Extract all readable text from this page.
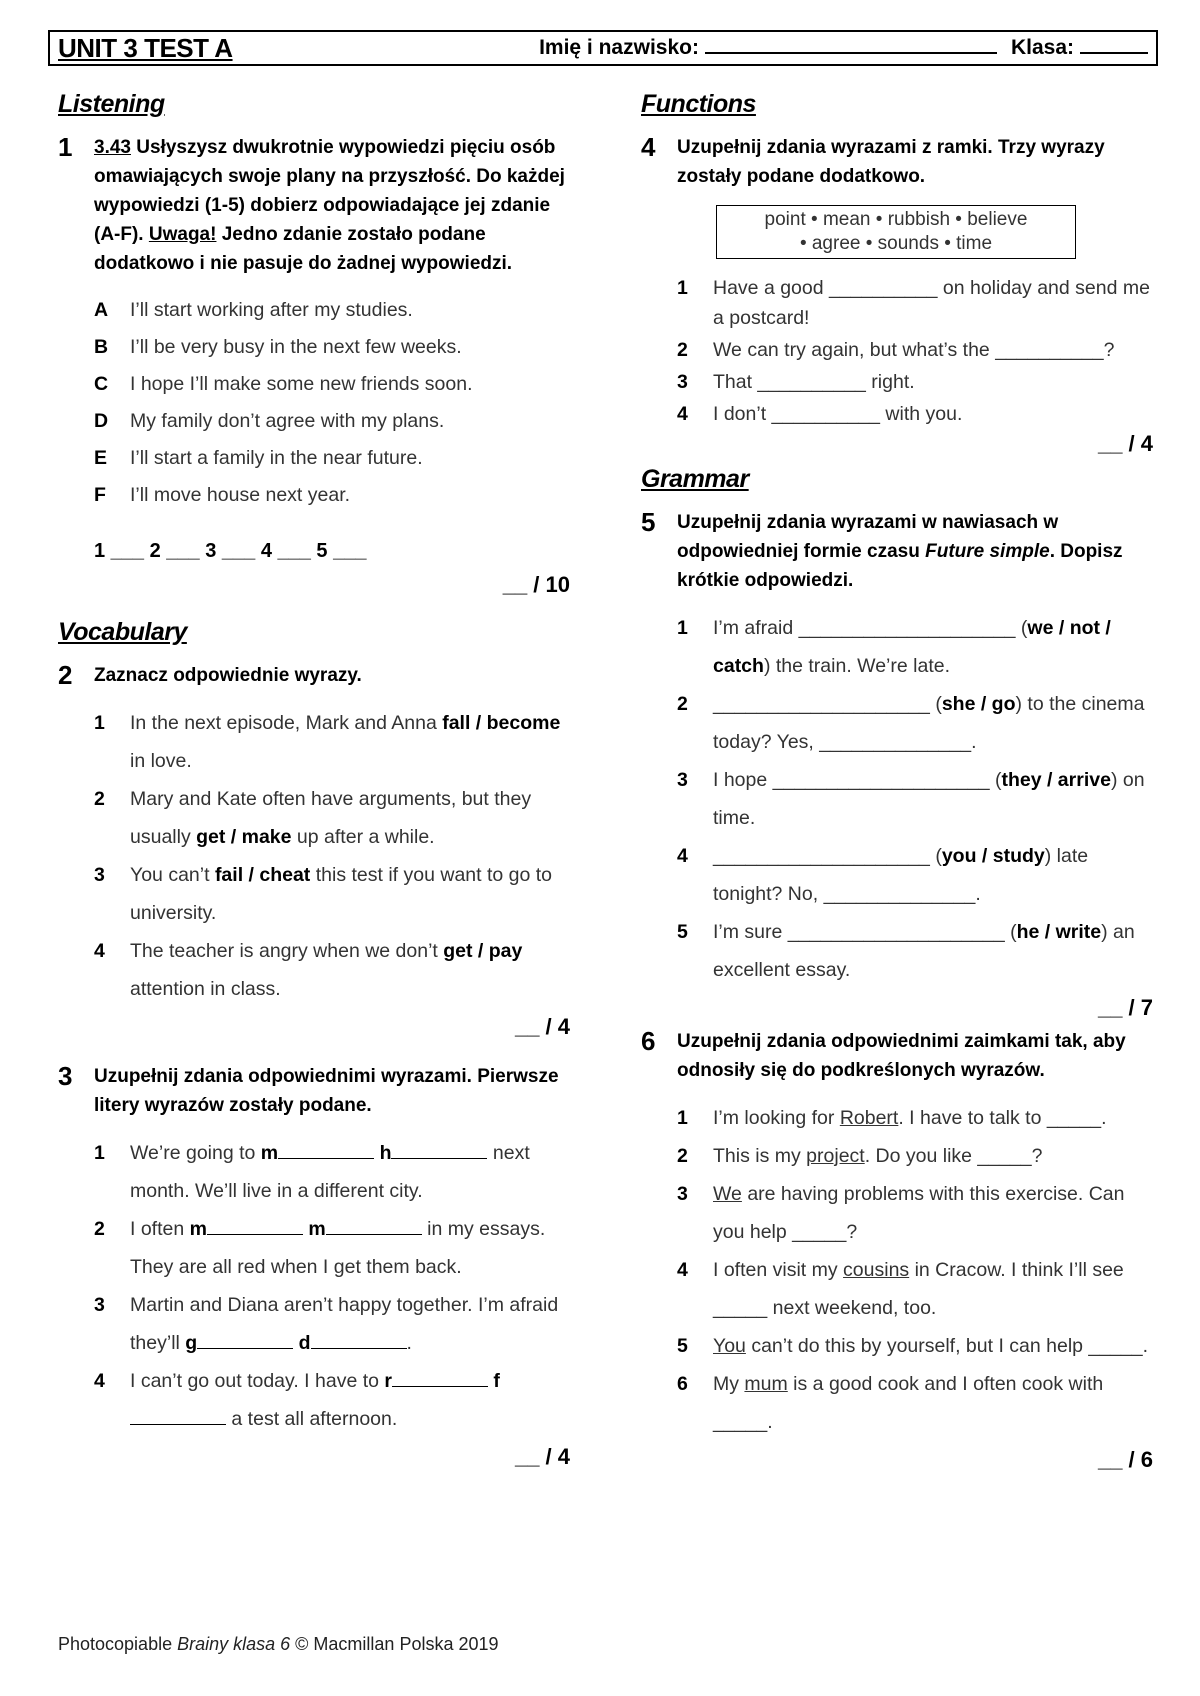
UNIT 3 TEST A	Imię i nazwisko:	Klasa:
Listening
1	3.43 Usłyszysz dwukrotnie wypowiedzi pięciu osób omawiających swoje plany na przyszłość. Do każdej wypowiedzi (1-5) dobierz odpowiadające jej zdanie (A-F). Uwaga! Jedno zdanie zostało podane dodatkowo i nie pasuje do żadnej wypowiedzi.
A	I’ll start working after my studies.
B	I’ll be very busy in the next few weeks.
C	I hope I’ll make some new friends soon.
D	My family don’t agree with my plans.
E	I’ll start a family in the near future.
F	I’ll move house next year.
1 ___ 2 ___ 3 ___ 4 ___ 5 ___
__ / 10
Vocabulary
2	Zaznacz odpowiednie wyrazy.
1	In the next episode, Mark and Anna fall / become in love.
2	Mary and Kate often have arguments, but they usually get / make up after a while.
3	You can’t fail / cheat this test if you want to go to university.
4	The teacher is angry when we don’t get / pay attention in class.
__ / 4
3	Uzupełnij zdania odpowiednimi wyrazami. Pierwsze litery wyrazów zostały podane.
1	We’re going to m	h	next month. We’ll live in a different city.
2	I often m	m	in my essays. They are all red when I get them back.
3	Martin and Diana aren’t happy together. I’m afraid they’ll g	d	.
4	I can’t go out today. I have to r	f a test all afternoon.
__ / 4
Functions
4	Uzupełnij zdania wyrazami z ramki. Trzy wyrazy zostały podane dodatkowo.
point • mean • rubbish • believe
• agree • sounds • time
1	Have a good __________ on holiday and send me a postcard!
2	We can try again, but what’s the __________?
3	That __________ right.
4	I don’t __________ with you.
__ / 4
Grammar
5	Uzupełnij zdania wyrazami w nawiasach w odpowiedniej formie czasu Future simple. Dopisz krótkie odpowiedzi.
1	I’m afraid ____________________ (we / not / catch) the train. We’re late.
2	____________________ (she / go) to the cinema today? Yes, ______________.
3	I hope ____________________ (they / arrive) on time.
4	____________________ (you / study) late tonight? No, ______________.
5	I’m sure ____________________ (he / write) an excellent essay.
__ / 7
6	Uzupełnij zdania odpowiednimi zaimkami tak, aby odnosiły się do podkreślonych wyrazów.
1	I’m looking for Robert. I have to talk to _____.
2	This is my project. Do you like _____?
3	We are having problems with this exercise. Can you help _____?
4	I often visit my cousins in Cracow. I think I’ll see _____ next weekend, too.
5	You can’t do this by yourself, but I can help _____.
6	My mum is a good cook and I often cook with _____.
__ / 6
Photocopiable Brainy klasa 6 © Macmillan Polska 2019
